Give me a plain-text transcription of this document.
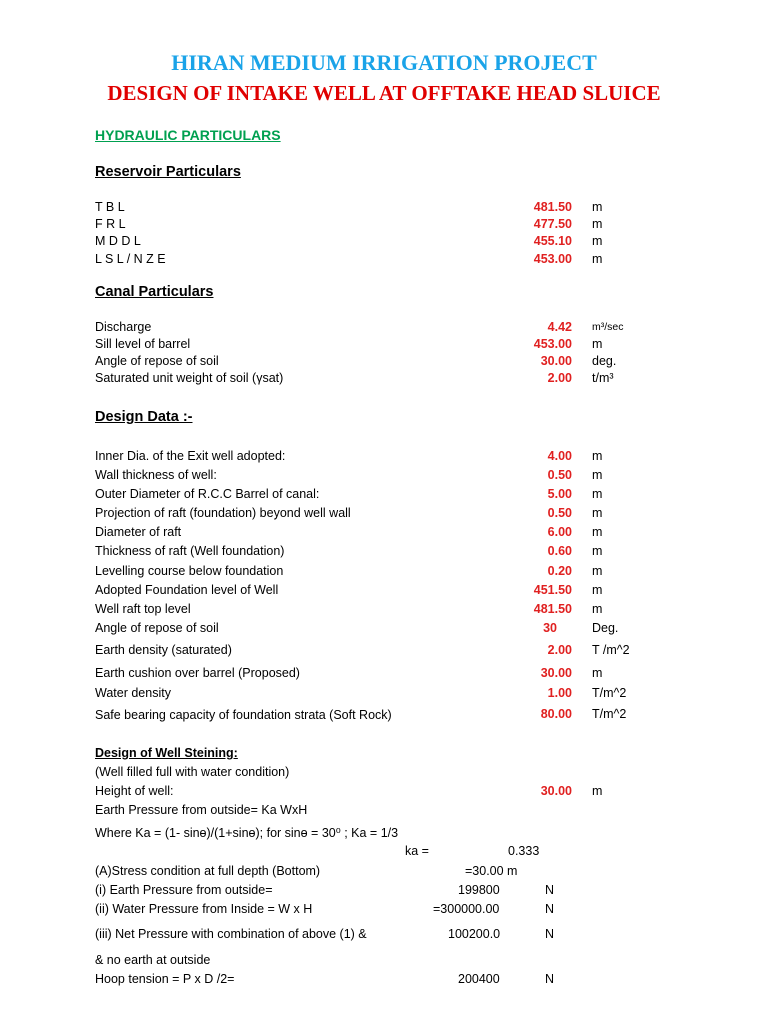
HIRAN MEDIUM IRRIGATION PROJECT
DESIGN OF INTAKE WELL AT OFFTAKE HEAD SLUICE
HYDRAULIC PARTICULARS
Reservoir Particulars
T B L	481.50 m
F R L	477.50 m
M D D L	455.10 m
L S L / N Z E	453.00 m
Canal Particulars
Discharge	4.42 m³/sec
Sill level of barrel	453.00 m
Angle of repose of soil	30.00 deg.
Saturated unit weight of soil (γsat)	2.00 t/m³
Design Data :-
Inner Dia. of the Exit well adopted:	4.00 m
Wall thickness of well:	0.50 m
Outer Diameter of R.C.C Barrel of canal:	5.00 m
Projection of raft (foundation) beyond well wall	0.50 m
Diameter of raft	6.00 m
Thickness of raft (Well foundation)	0.60 m
Levelling course below foundation	0.20 m
Adopted Foundation level of Well	451.50 m
Well raft top level	481.50 m
Angle of repose of soil	30	Deg.
Earth density (saturated)	2.00 T /m^2
Earth cushion over barrel (Proposed)	30.00 m
Water density	1.00 T/m^2
Safe bearing capacity of foundation strata (Soft Rock)	80.00 T/m^2
Design of Well Steining:
(Well filled full with water condition)
Height of well:	30.00 m
Earth Pressure from outside= Ka WxH
Where Ka = (1- sinɵ)/(1+sinɵ); for sinɵ = 30⁰ ; Ka = 1/3
ka =	0.333
(A)Stress condition at full depth (Bottom)	=30.00 m
(i) Earth Pressure from outside=	199800	N
(ii) Water Pressure from Inside = W x H	=300000.00	N
(iii) Net Pressure with combination of above (1) &	100200.0	N
& no earth at outside
Hoop tension = P x D /2=	200400	N
